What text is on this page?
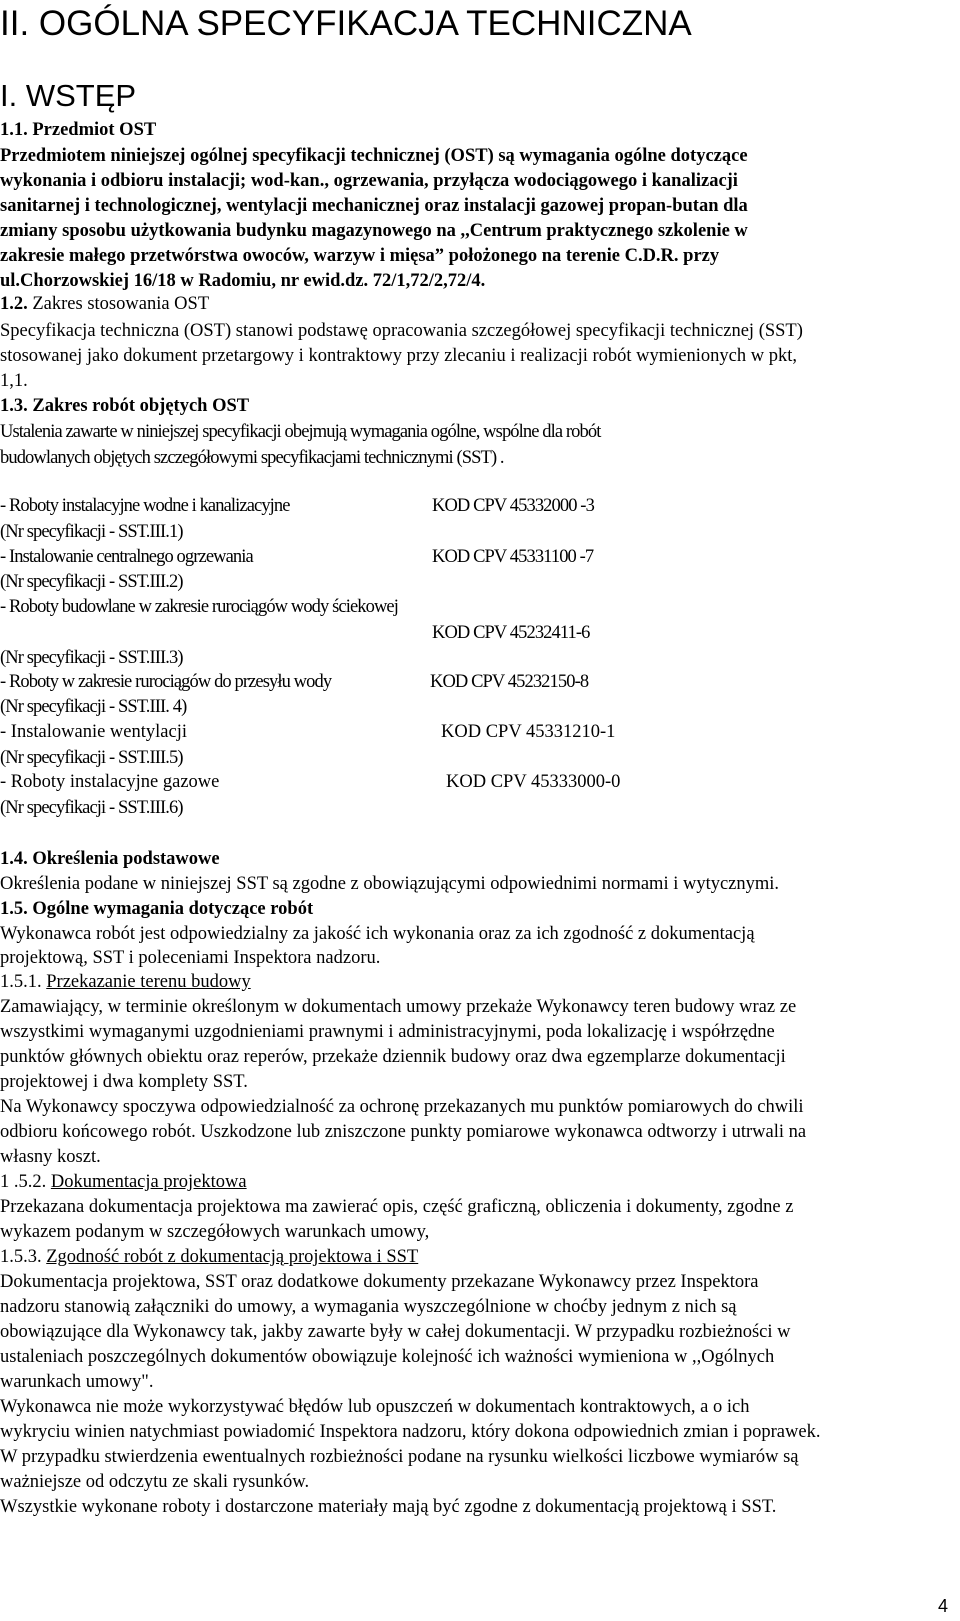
II. OGÓLNA SPECYFIKACJA TECHNICZNA
I. WSTĘP
1.1. Przedmiot OST
Przedmiotem niniejszej ogólnej specyfikacji technicznej (OST) są wymagania ogólne dotyczące
wykonania i odbioru instalacji; wod-kan., ogrzewania, przyłącza wodociągowego i kanalizacji
sanitarnej i technologicznej, wentylacji mechanicznej oraz instalacji gazowej propan-butan dla
zmiany sposobu użytkowania budynku magazynowego na ,,Centrum praktycznego szkolenie w
zakresie małego przetwórstwa owoców, warzyw i mięsa” położonego na terenie C.D.R. przy
ul.Chorzowskiej 16/18 w Radomiu, nr ewid.dz. 72/1,72/2,72/4.
1.2. Zakres stosowania OST
Specyfikacja techniczna (OST) stanowi podstawę opracowania szczegółowej specyfikacji technicznej (SST)
stosowanej jako dokument przetargowy i kontraktowy przy zlecaniu i realizacji robót wymienionych w pkt,
1,1.
1.3. Zakres robót objętych OST
Ustalenia zawarte w niniejszej specyfikacji obejmują wymagania ogólne, wspólne dla robót
budowlanych objętych szczegółowymi specyfikacjami technicznymi (SST) .
- Roboty instalacyjne wodne i kanalizacyjne	KOD CPV 45332000 -3
(Nr specyfikacji - SST.III.1)
- Instalowanie centralnego ogrzewania	KOD CPV 45331100 -7
(Nr specyfikacji - SST.III.2)
- Roboty budowlane w zakresie rurociągów wody ściekowej
KOD CPV 45232411-6
(Nr specyfikacji - SST.III.3)
- Roboty w zakresie rurociągów do przesyłu wody	KOD CPV 45232150-8
(Nr specyfikacji - SST.III. 4)
- Instalowanie wentylacji	KOD CPV 45331210-1
(Nr specyfikacji - SST.III.5)
- Roboty instalacyjne gazowe	KOD CPV 45333000-0
(Nr specyfikacji - SST.III.6)
1.4. Określenia podstawowe
Określenia podane w niniejszej SST są zgodne z obowiązującymi odpowiednimi normami i wytycznymi.
1.5. Ogólne wymagania dotyczące robót
Wykonawca robót jest odpowiedzialny za jakość ich wykonania oraz za ich zgodność z dokumentacją
projektową, SST i poleceniami Inspektora nadzoru.
1.5.1. Przekazanie terenu budowy
Zamawiający, w terminie określonym w dokumentach umowy przekaże Wykonawcy teren budowy wraz ze
wszystkimi wymaganymi uzgodnieniami prawnymi i administracyjnymi, poda lokalizację i współrzędne
punktów głównych obiektu oraz reperów, przekaże dziennik budowy oraz dwa egzemplarze dokumentacji
projektowej i dwa komplety SST.
Na Wykonawcy spoczywa odpowiedzialność za ochronę przekazanych mu punktów pomiarowych do chwili
odbioru końcowego robót. Uszkodzone lub zniszczone punkty pomiarowe wykonawca odtworzy i utrwali na
własny koszt.
1 .5.2. Dokumentacja projektowa
Przekazana dokumentacja projektowa ma zawierać opis, część graficzną, obliczenia i dokumenty, zgodne z
wykazem podanym w szczegółowych warunkach umowy,
1.5.3. Zgodność robót z dokumentacją projektowa i SST
Dokumentacja projektowa, SST oraz dodatkowe dokumenty przekazane Wykonawcy przez Inspektora
nadzoru stanowią załączniki do umowy, a wymagania wyszczególnione w choćby jednym z nich są
obowiązujące dla Wykonawcy tak, jakby zawarte były w całej dokumentacji. W przypadku rozbieżności w
ustaleniach poszczególnych dokumentów obowiązuje kolejność ich ważności wymieniona w ,,Ogólnych
warunkach umowy".
Wykonawca nie może wykorzystywać błędów lub opuszczeń w dokumentach kontraktowych, a o ich
wykryciu winien natychmiast powiadomić Inspektora nadzoru, który dokona odpowiednich zmian i poprawek.
W przypadku stwierdzenia ewentualnych rozbieżności podane na rysunku wielkości liczbowe wymiarów są
ważniejsze od odczytu ze skali rysunków.
Wszystkie wykonane roboty i dostarczone materiały mają być zgodne z dokumentacją projektową i SST.
4
